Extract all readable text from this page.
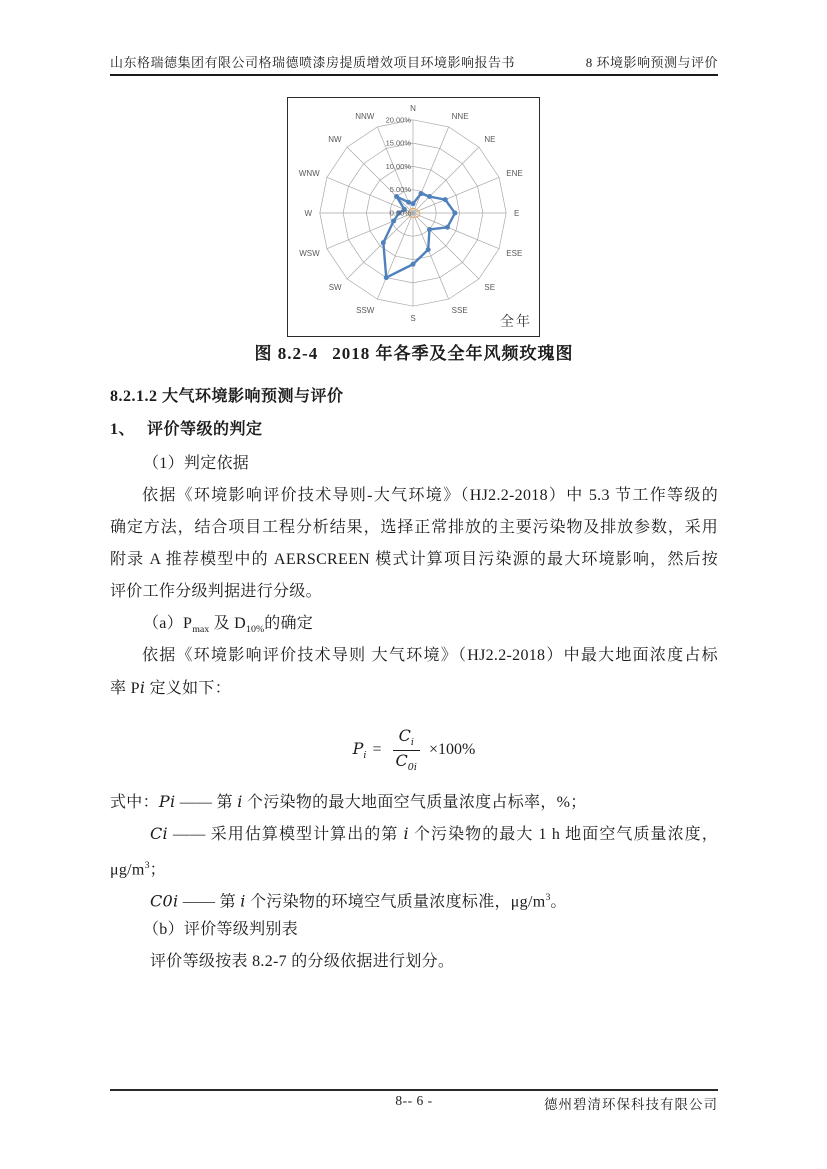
山东格瑞德集团有限公司格瑞德喷漆房提质增效项目环境影响报告书	8 环境影响预测与评价
0.00%
5.00%
10.00%
15.00%
20.00%
N
NNE
NE
ENE
E
ESE
SE
SSE
S
SSW
SW
WSW
W
WNW
NW
NNW
全年
图 8.2-4 2018 年各季及全年风频玫瑰图
8.2.1.2 大气环境影响预测与评价
1、 评价等级的判定
（1）判定依据
依据《环境影响评价技术导则-大气环境》（HJ2.2-2018）中 5.3 节工作等级的
确定方法，结合项目工程分析结果，选择正常排放的主要污染物及排放参数，采用
附录 A 推荐模型中的 AERSCREEN 模式计算项目污染源的最大环境影响，然后按
评价工作分级判据进行分级。
$(a)P_{max}$ 及 $D_{10\%}$的确定
依据《环境影响评价技术导则 大气环境》（HJ2.2-2018）中最大地面浓度占标
率 Pi 定义如下：
$P_i = \frac{C_i}{C_{0i}} \times 100\%$
式中：Pi —— 第 i 个污染物的最大地面空气质量浓度占标率，%；
Ci —— 采用估算模型计算出的第 i 个污染物的最大 1 h 地面空气质量浓度，
$\mu g/m^3$；
C0i —— 第 i 个污染物的环境空气质量浓度标准，$\mu g/m^3$。
（b）评价等级判别表
评价等级按表 8.2-7 的分级依据进行划分。
8-- 6 -	德州碧清环保科技有限公司
